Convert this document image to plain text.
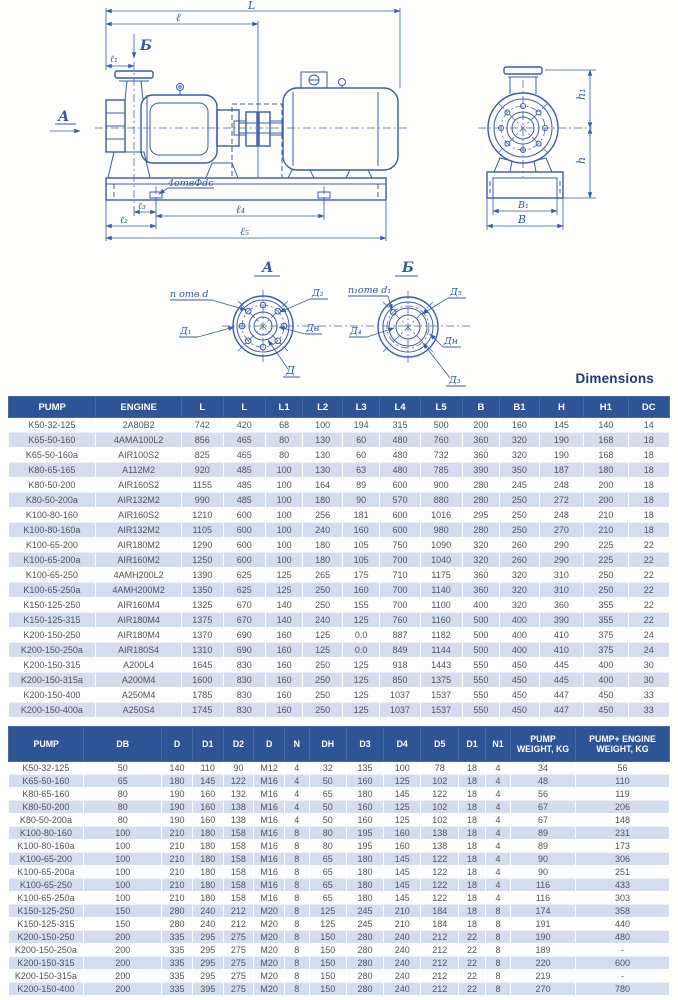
L
ℓ
Б
ℓ₁
А
4отвФdc
ℓ₃	ℓ₄
ℓ₂
ℓ₅
h₁
h
B₁
B
А
п отв d	Д₂
Д₁	Дв
Д
Б
п₁отв d₁	Д₅
Д₄
Дн
Д₃	Dimensions
PUMP	ENGINE	L	L	L1	L2	L3	L4	L5	B	B1	H	H1	DC
K50-32-125	2A80B2	742	420	68	100	194	315	500	200	160	145	140	14
K65-50-160	4AMA100L2	856	465	80	130	60	480	760	360	320	190	168	18
K65-50-160a	AIR100S2	825	465	80	130	60	480	732	360	320	190	168	18
K80-65-165	A112M2	920	485	100	130	63	480	785	390	350	187	180	18
K80-50-200	AIR160S2	1155	485	100	164	89	600	900	280	245	248	200	18
K80-50-200a	AIR132M2	990	485	100	180	90	570	880	280	250	272	200	18
K100-80-160	AIR160S2	1210	600	100	256	181	600	1016	295	250	248	210	18
K100-80-160a	AIR132M2	1105	600	100	240	160	600	980	280	250	270	210	18
K100-65-200	AIR180M2	1290	600	100	180	105	750	1090	320	260	290	225	22
K100-65-200a	AIR160M2	1250	600	100	180	105	700	1040	320	260	290	225	22
K100-65-250	4AMH200L2	1390	625	125	265	175	710	1175	360	320	310	250	22
K100-65-250a	4AMH200M2	1350	625	125	250	160	700	1140	360	320	310	250	22
K150-125-250	AIR160M4	1325	670	140	250	155	700	1100	400	320	360	355	22
K150-125-315	AIR180M4	1375	670	140	240	125	760	1160	500	400	390	355	22
K200-150-250	AIR180M4	1370	690	160	125	0.0	887	1182	500	400	410	375	24
K200-150-250a	AIR180S4	1310	690	160	125	0.0	849	1144	500	400	410	375	24
K200-150-315	A200L4	1645	830	160	250	125	918	1443	550	450	445	400	30
K200-150-315a	A200M4	1600	830	160	250	125	850	1375	550	450	445	400	30
K200-150-400	A250M4	1785	830	160	250	125	1037	1537	550	450	447	450	33
K200-150-400a	A250S4	1745	830	160	250	125	1037	1537	550	450	447	450	33
PUMP	DB	D	D1	D2	D	N	DH	D3	D4	D5	D1	N1	PUMP WEIGHT, KG	PUMP+ ENGINE WEIGHT, KG
K50-32-125	50	140	110	90	M12	4	32	135	100	78	18	4	34	56
K65-50-160	65	180	145	122	M16	4	50	160	125	102	18	4	48	110
K80-65-160	80	190	160	132	M16	4	65	180	145	122	18	4	56	119
K80-50-200	80	190	160	138	M16	4	50	160	125	102	18	4	67	206
K80-50-200a	80	190	160	138	M16	4	50	160	125	102	18	4	67	148
K100-80-160	100	210	180	158	M16	8	80	195	160	138	18	4	89	231
K100-80-160a	100	210	180	158	M16	8	80	195	160	138	18	4	89	173
K100-65-200	100	210	180	158	M16	8	65	180	145	122	18	4	90	306
K100-65-200a	100	210	180	158	M16	8	65	180	145	122	18	4	90	251
K100-65-250	100	210	180	158	M16	8	65	180	145	122	18	4	116	433
K100-65-250a	100	210	180	158	M16	8	65	180	145	122	18	4	116	303
K150-125-250	150	280	240	212	M20	8	125	245	210	184	18	8	174	358
K150-125-315	150	280	240	212	M20	8	125	245	210	184	18	8	191	440
K200-150-250	200	335	295	275	M20	8	150	280	240	212	22	8	190	480
K200-150-250a	200	335	295	275	M20	8	150	280	240	212	22	8	189	-
K200-150-315	200	335	295	275	M20	8	150	280	240	212	22	8	220	600
K200-150-315a	200	335	295	275	M20	8	150	280	240	212	22	8	219	-
K200-150-400	200	335	395	275	M20	8	150	280	240	212	22	8	270	780
